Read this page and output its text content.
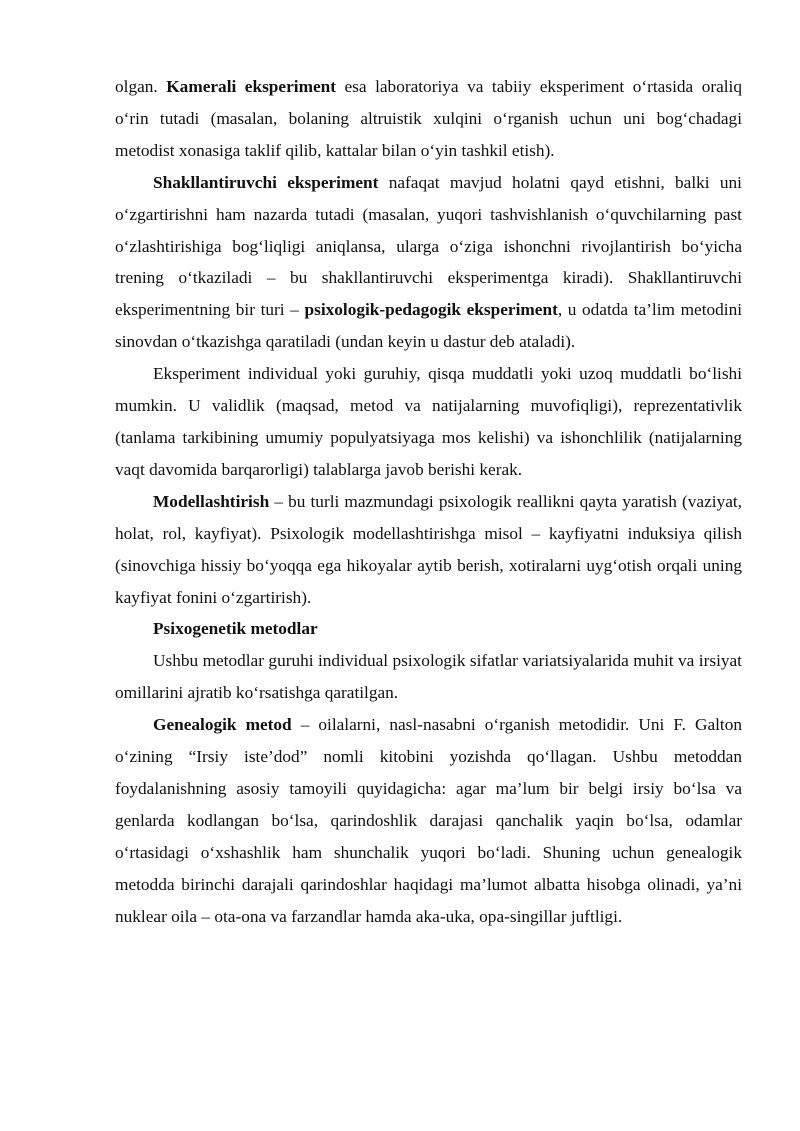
olgan. Kamerali eksperiment esa laboratoriya va tabiiy eksperiment o‘rtasida oraliq o‘rin tutadi (masalan, bolaning altruistik xulqini o‘rganish uchun uni bog‘chadagi metodist xonasiga taklif qilib, kattalar bilan o‘yin tashkil etish).

Shakllantiruvchi eksperiment nafaqat mavjud holatni qayd etishni, balki uni o‘zgartirishni ham nazarda tutadi (masalan, yuqori tashvishlanish o‘quvchilarning past o‘zlashtirishiga bog‘liqligi aniqlansa, ularga o‘ziga ishonchni rivojlantirish bo‘yicha trening o‘tkaziladi – bu shakllantiruvchi eksperimentga kiradi). Shakllantiruvchi eksperimentning bir turi – psixologik-pedagogik eksperiment, u odatda ta’lim metodini sinovdan o‘tkazishga qaratiladi (undan keyin u dastur deb ataladi).

Eksperiment individual yoki guruhiy, qisqa muddatli yoki uzoq muddatli bo‘lishi mumkin. U validlik (maqsad, metod va natijalarning muvofiqligi), reprezentativlik (tanlama tarkibining umumiy populyatsiyaga mos kelishi) va ishonchlilik (natijalarning vaqt davomida barqarorligi) talablarga javob berishi kerak.

Modellashtirish – bu turli mazmundagi psixologik reallikni qayta yaratish (vaziyat, holat, rol, kayfiyat). Psixologik modellashtirishga misol – kayfiyatni induksiya qilish (sinovchiga hissiy bo‘yoqqa ega hikoyalar aytib berish, xotiralarni uyg‘otish orqali uning kayfiyat fonini o‘zgartirish).

Psixogenetik metodlar

Ushbu metodlar guruhi individual psixologik sifatlar variatsiyalarida muhit va irsiyat omillarini ajratib ko‘rsatishga qaratilgan.

Genealogik metod – oilalarni, nasl-nasabni o‘rganish metodidir. Uni F. Galton o‘zining “Irsiy iste’dod” nomli kitobini yozishda qo‘llagan. Ushbu metoddan foydalanishning asosiy tamoyili quyidagicha: agar ma’lum bir belgi irsiy bo‘lsa va genlarda kodlangan bo‘lsa, qarindoshlik darajasi qanchalik yaqin bo‘lsa, odamlar o‘rtasidagi o‘xshashlik ham shunchalik yuqori bo‘ladi. Shuning uchun genealogik metodda birinchi darajali qarindoshlar haqidagi ma’lumot albatta hisobga olinadi, ya’ni nuklear oila – ota-ona va farzandlar hamda aka-uka, opa-singillar juftligi.
